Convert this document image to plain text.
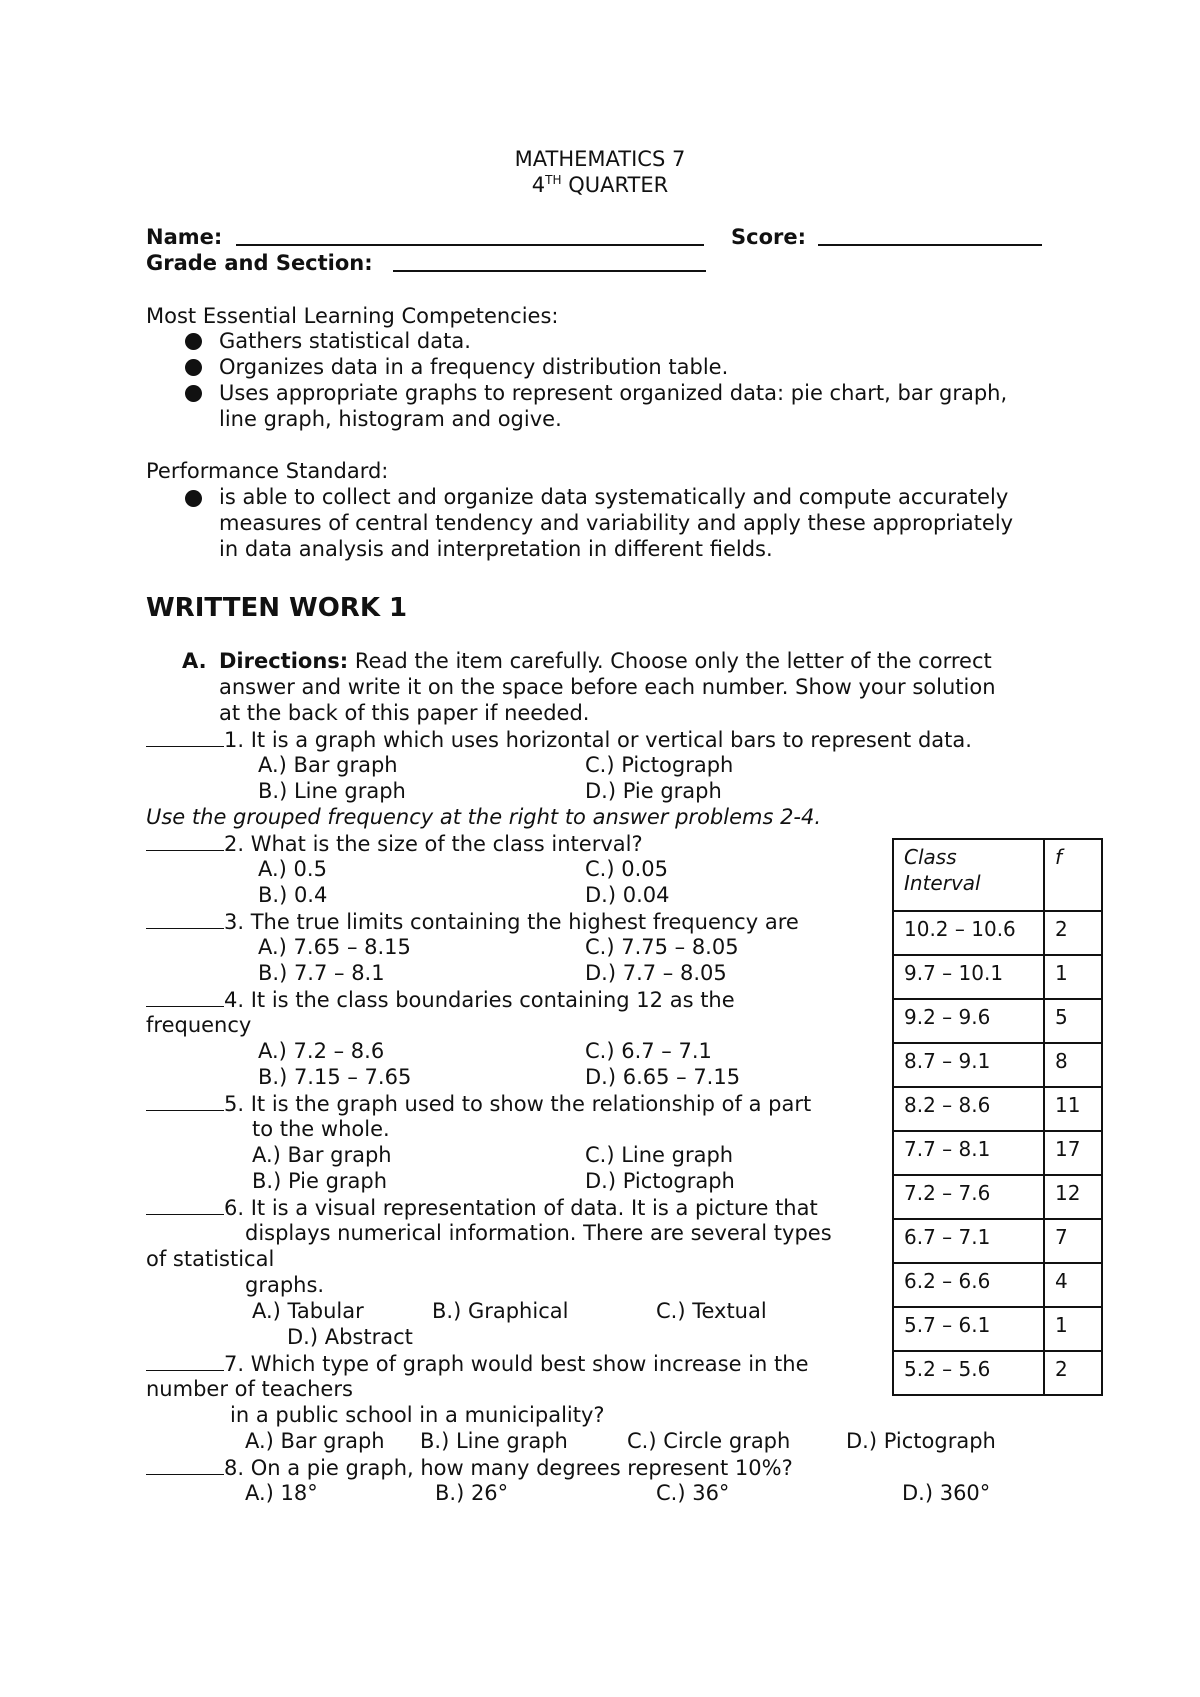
MATHEMATICS 7
4TH QUARTER
Name:	Score:
Grade and Section:
Most Essential Learning Competencies:
Gathers statistical data.
Organizes data in a frequency distribution table.
Uses appropriate graphs to represent organized data: pie chart, bar graph,
line graph, histogram and ogive.
Performance Standard:
is able to collect and organize data systematically and compute accurately
measures of central tendency and variability and apply these appropriately
in data analysis and interpretation in different fields.
WRITTEN WORK 1
A. Directions: Read the item carefully. Choose only the letter of the correct
answer and write it on the space before each number. Show your solution
at the back of this paper if needed.
1. It is a graph which uses horizontal or vertical bars to represent data.
A.) Bar graph	C.) Pictograph
B.) Line graph	D.) Pie graph
Use the grouped frequency at the right to answer problems 2-4.
2. What is the size of the class interval?
A.) 0.5	C.) 0.05
B.) 0.4	D.) 0.04
3. The true limits containing the highest frequency are
A.) 7.65 – 8.15	C.) 7.75 – 8.05
B.) 7.7 – 8.1	D.) 7.7 – 8.05
4. It is the class boundaries containing 12 as the
frequency
A.) 7.2 – 8.6	C.) 6.7 – 7.1
B.) 7.15 – 7.65	D.) 6.65 – 7.15
5. It is the graph used to show the relationship of a part
to the whole.
A.) Bar graph	C.) Line graph
B.) Pie graph	D.) Pictograph
6. It is a visual representation of data. It is a picture that
displays numerical information. There are several types
of statistical
graphs.
A.) Tabular	B.) Graphical	C.) Textual
D.) Abstract
7. Which type of graph would best show increase in the
number of teachers
in a public school in a municipality?
A.) Bar graph B.) Line graph	C.) Circle graph	D.) Pictograph
8. On a pie graph, how many degrees represent 10%?
A.) 18°	B.) 26°	C.) 36°	D.) 360°
Class
Interval	f
10.2 – 10.6	2
9.7 – 10.1	1
9.2 – 9.6	5
8.7 – 9.1	8
8.2 – 8.6	11
7.7 – 8.1	17
7.2 – 7.6	12
6.7 – 7.1	7
6.2 – 6.6	4
5.7 – 6.1	1
5.2 – 5.6	2
